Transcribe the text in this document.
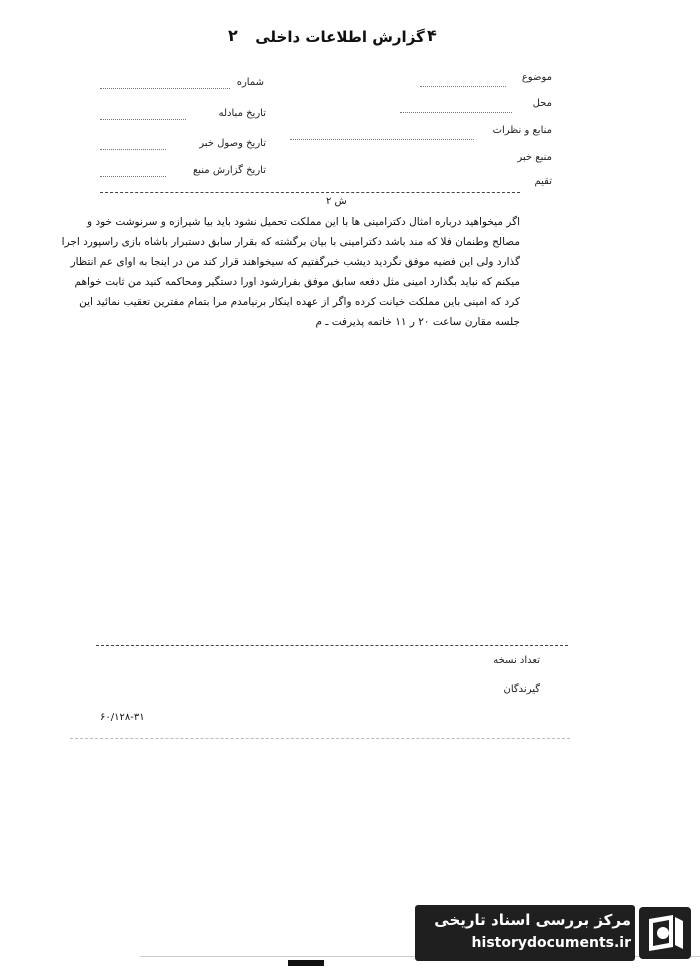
گزارش اطلاعات داخلی ۴
۲
شماره
تاریخ مبادله
تاریخ وصول خبر
تاریخ گزارش منبع
موضوع
محل
منابع و نظرات
منبع خبر
تقیم
ش ۲
اگر میخواهید درباره امثال دکترامینی ها با این مملکت تحمیل نشود باید بیا شیرازه و سرنوشت خود و
مصالح وطنمان فلا که مند باشد دکترامینی با بیان برگشته که بقرار سابق دستبرار باشاه بازی راسپورد اجرا
گذارد ولی این فضیه موفق نگردید دیشب خبرگفتیم که سیخواهند قرار کند من در اینجا به اوای عم انتظار
میکنم که نباید بگذارد امینی مثل دفعه سابق موفق بفرارشود اورا دستگیر ومحاکمه کنید من ثابت خواهم
کرد که امینی باین مملکت خیانت کرده واگر از عهده اینکار برنیامدم مرا بتمام مفترین تعقیب نمائید این
جلسه مقارن ساعت ۲۰ ر ۱۱ خاتمه پذیرفت ـ م
تعداد نسخه
گیرندگان
۶۰/۱۲۸-۳۱
مرکز بررسی اسناد تاریخی
historydocuments.ir
